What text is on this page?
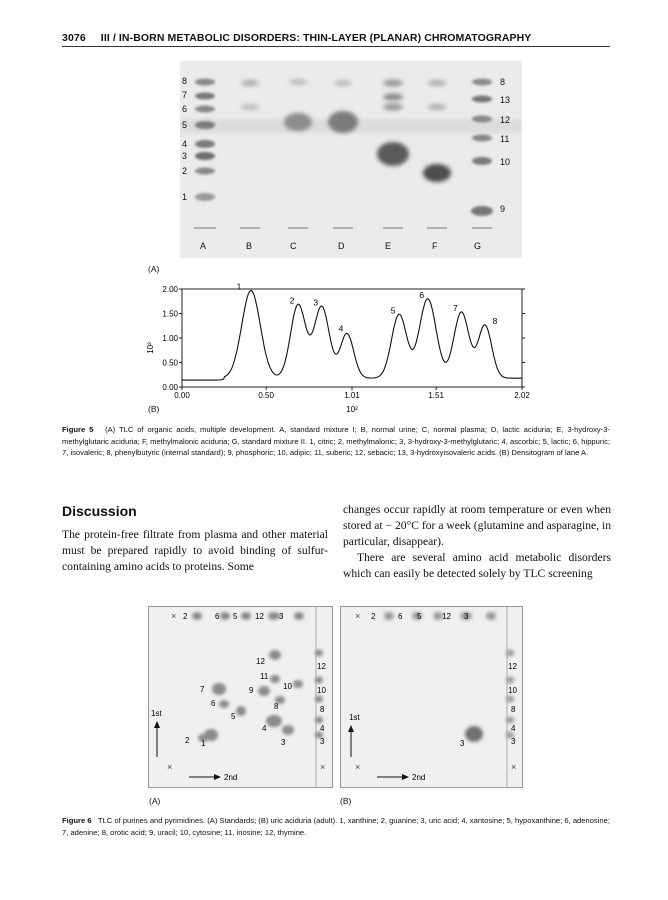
3076 III / IN-BORN METABOLIC DISORDERS: THIN-LAYER (PLANAR) CHROMATOGRAPHY
8
7
6
5
4
3
2
1
8
13
12
11
10
9
A	B	C	D	E	F	G
(A)
0.00
0.50
1.00
1.50
2.00
0.00	0.50	1.01	1.51	2.02
1
2 3
4
5
6
7
8
10²
10²
(B)
Figure 5 (A) TLC of organic acids, multiple development. A, standard mixture I; B, normal urine; C, normal plasma; D, lactic aciduria; E, 3-hydroxy-3-methylglutaric aciduria; F, methylmalonic aciduria; G, standard mixture II. 1, citric; 2, methylmalonic; 3, 3-hydroxy-3-methylglutaric; 4, ascorbic; 5, lactic; 6, hippuric; 7, isovaleric; 8, phenylbutyric (internal standard); 9, phosphoric; 10, adipic; 11, suberic; 12, sebacic; 13, 3-hydroxyisovaleric acids. (B) Densitogram of lane A.
Discussion
The protein-free filtrate from plasma and other material must be prepared rapidly to avoid binding of sulfur-containing amino acids to proteins. Some

changes occur rapidly at room temperature or even when stored at − 20°C for a week (glutamine and asparagine, in particular, disappear).

There are several amino acid metabolic disorders which can easily be detected solely by TLC screening

× 2	6 5 12 3
12
10
8
4
3
12
11
10
7	9
6	8
5
4
2 1	3
1st
×	×
2nd
× 2	6 5	12 3
12
10
8
4
3
3
1st
×	×
2nd
(A)	(B)
Figure 6 TLC of purines and pyrimidines. (A) Standards; (B) uric aciduria (adult). 1, xanthine; 2, guanine; 3, uric acid; 4, xantosine; 5, hypoxanthine; 6, adenosine; 7, adenine; 8, orotic acid; 9, uracil; 10, cytosine; 11, inosine; 12, thymine.
